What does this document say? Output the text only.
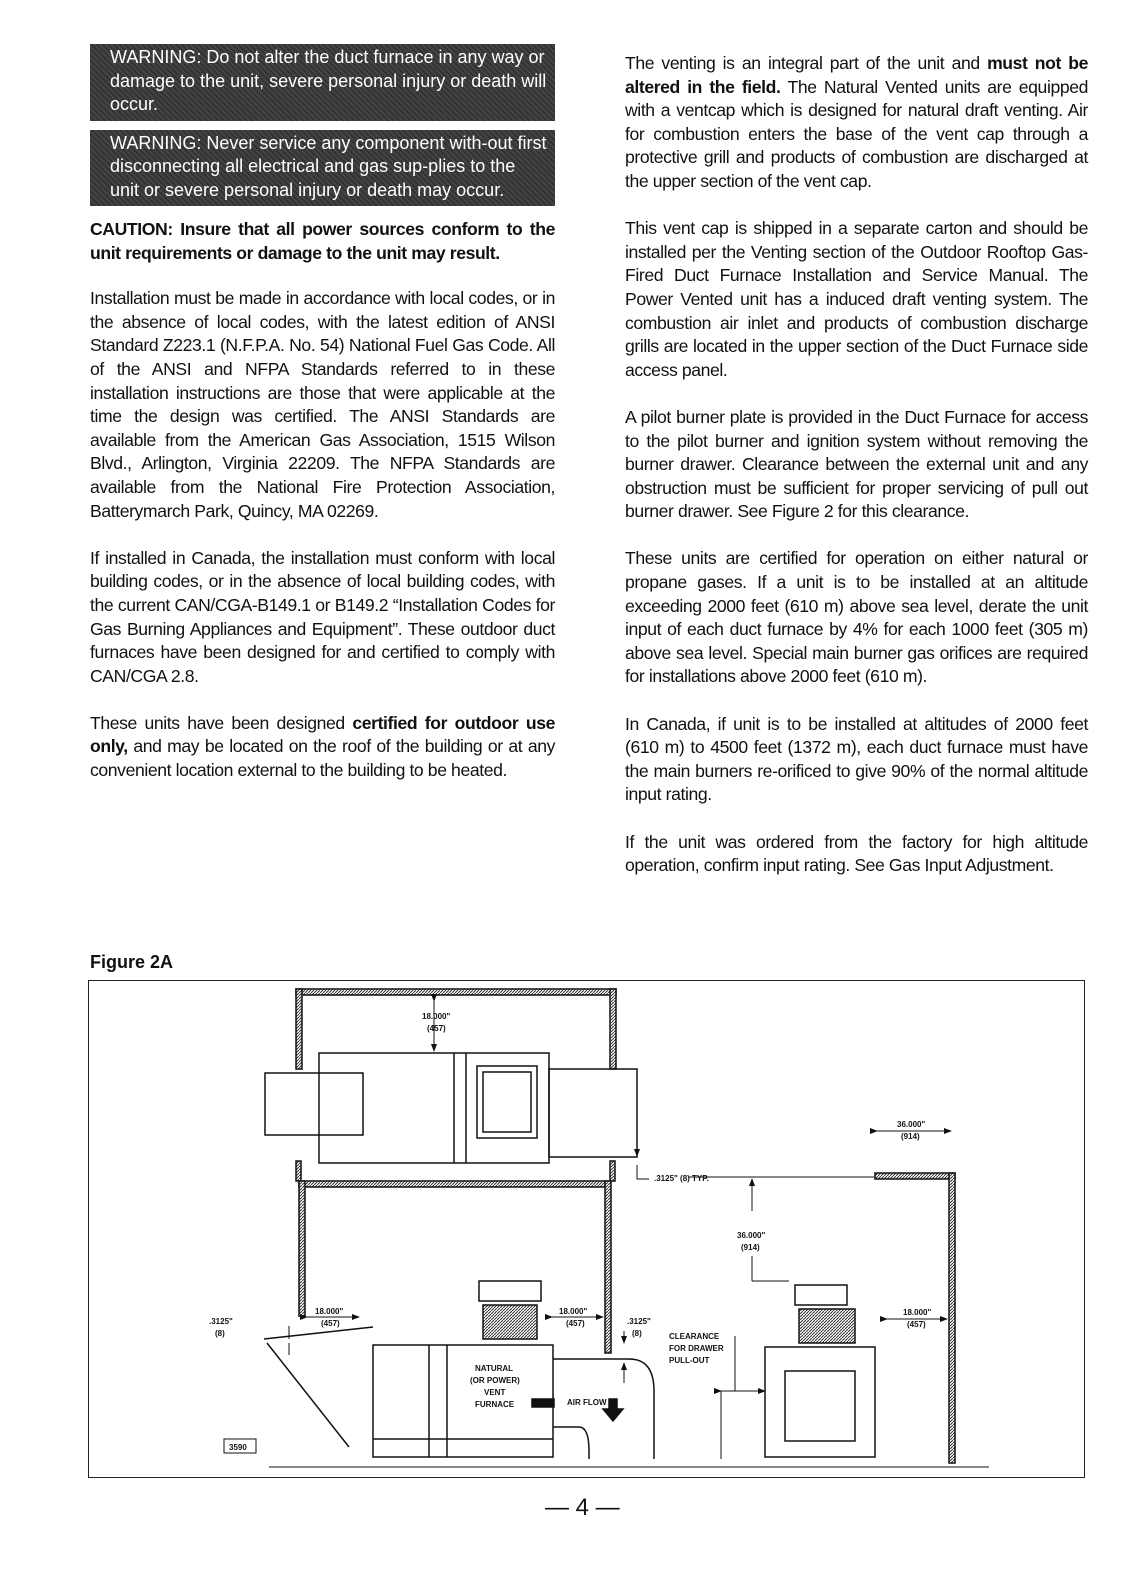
WARNING: Do not alter the duct furnace in any way or damage to the unit, severe personal injury or death will occur.
WARNING: Never service any component with-out first disconnecting all electrical and gas sup-plies to the unit or severe personal injury or death may occur.
CAUTION: Insure that all power sources conform to the unit requirements or damage to the unit may result.

Installation must be made in accordance with local codes, or in the absence of local codes, with the latest edition of ANSI Standard Z223.1 (N.F.P.A. No. 54) National Fuel Gas Code. All of the ANSI and NFPA Standards referred to in these installation instructions are those that were applicable at the time the design was certified. The ANSI Standards are available from the American Gas Association, 1515 Wilson Blvd., Arlington, Virginia 22209. The NFPA Standards are available from the National Fire Protection Association, Batterymarch Park, Quincy, MA 02269.

If installed in Canada, the installation must conform with local building codes, or in the absence of local building codes, with the current CAN/CGA-B149.1 or B149.2 “Installation Codes for Gas Burning Appliances and Equipment”. These outdoor duct furnaces have been designed for and certified to comply with CAN/CGA 2.8.

These units have been designed certified for outdoor use only, and may be located on the roof of the building or at any convenient location external to the building to be heated.

The venting is an integral part of the unit and must not be altered in the field. The Natural Vented units are equipped with a ventcap which is designed for natural draft venting. Air for combustion enters the base of the vent cap through a protective grill and products of combustion are discharged at the upper section of the vent cap.

This vent cap is shipped in a separate carton and should be installed per the Venting section of the Outdoor Rooftop Gas-Fired Duct Furnace Installation and Service Manual. The Power Vented unit has a induced draft venting system. The combustion air inlet and products of combustion discharge grills are located in the upper section of the Duct Furnace side access panel.

A pilot burner plate is provided in the Duct Furnace for access to the pilot burner and ignition system without removing the burner drawer. Clearance between the external unit and any obstruction must be sufficient for proper servicing of pull out burner drawer. See Figure 2 for this clearance.

These units are certified for operation on either natural or propane gases. If a unit is to be installed at an altitude exceeding 2000 feet (610 m) above sea level, derate the unit input of each duct furnace by 4% for each 1000 feet (305 m) above sea level. Special main burner gas orifices are required for installations above 2000 feet (610 m).

In Canada, if unit is to be installed at altitudes of 2000 feet (610 m) to 4500 feet (1372 m), each duct furnace must have the main burners re-orificed to give 90% of the normal altitude input rating.

If the unit was ordered from the factory for high altitude operation, confirm input rating. See Gas Input Adjustment.

Figure 2A
18.000"
(457)
.3125" (8) TYP.
36.000"
(914)
36.000"
(914)
.3125"
(8)
18.000"
(457)
18.000"
(457)	.3125"
(8)
NATURAL
(OR POWER)
VENT
FURNACE	AIR FLOW
CLEARANCE
FOR DRAWER
PULL-OUT
18.000"
(457)
3590
— 4 —
